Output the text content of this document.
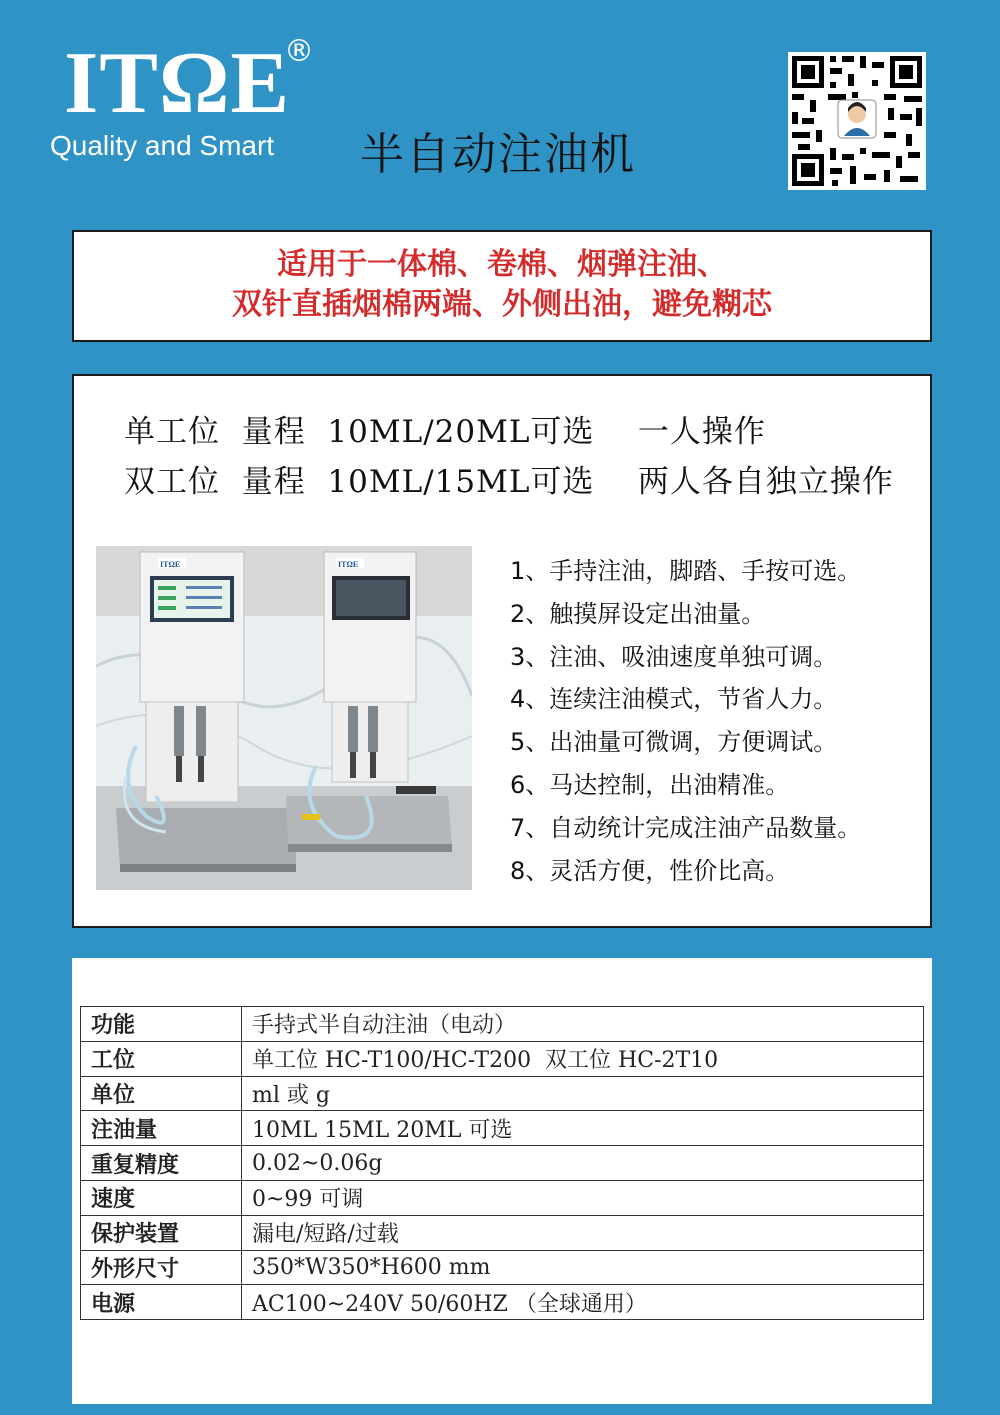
ITΩE
®
Quality and Smart 半自动注油机
适用于一体棉、卷棉、烟弹注油、
双针直插烟棉两端、外侧出油，避免糊芯
单工位  量程  10ML/20ML可选    一人操作
双工位  量程  10ML/15ML可选    两人各自独立操作
ITΩE	ITΩE	1、手持注油，脚踏、手按可选。
2、触摸屏设定出油量。
3、注油、吸油速度单独可调。
4、连续注油模式，节省人力。
5、出油量可微调，方便调试。
6、马达控制，出油精准。
7、自动统计完成注油产品数量。
8、灵活方便，性价比高。
功能	手持式半自动注油（电动）
工位	单工位 HC-T100/HC-T200  双工位 HC-2T10
单位	ml 或 g
注油量	10ML 15ML 20ML 可选
重复精度	0.02~0.06g
速度	0~99 可调
保护装置	漏电/短路/过载
外形尺寸	350*W350*H600 mm
电源	AC100~240V 50/60HZ （全球通用）
